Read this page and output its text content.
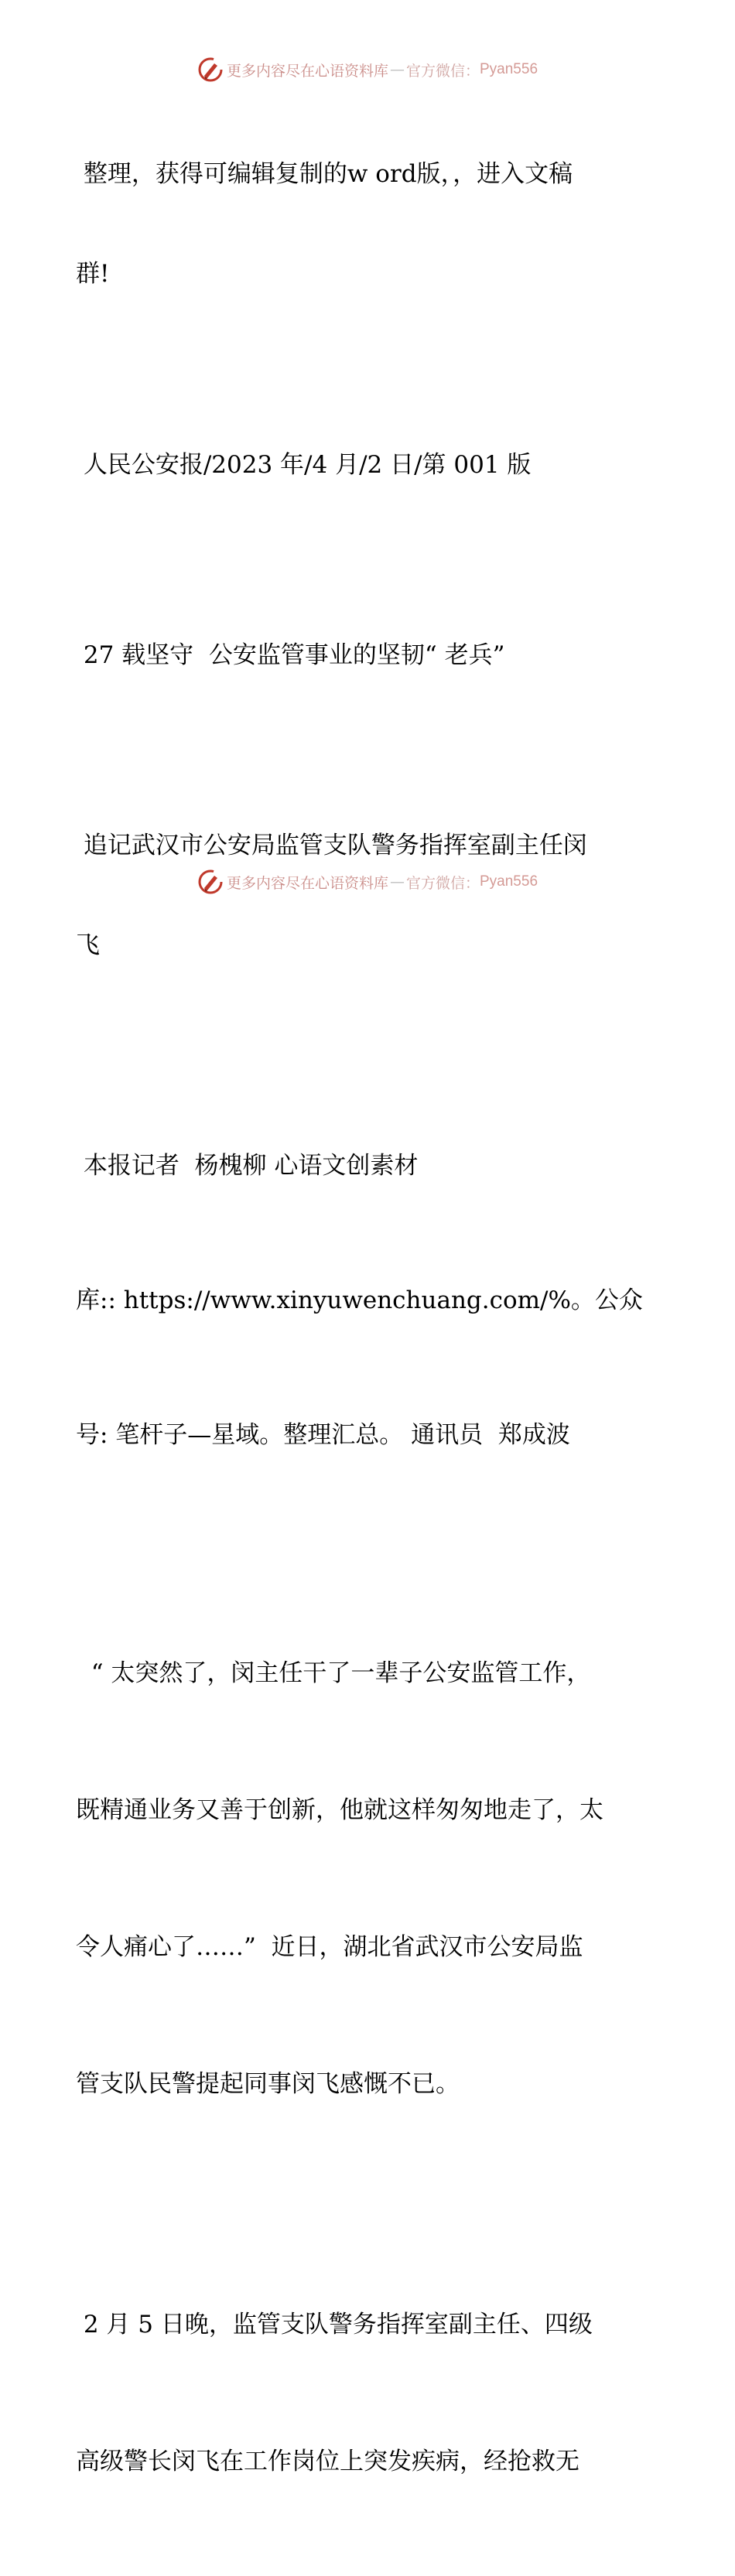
更多内容尽在心语资料库 — 官方微信： Pyan556

整理，获得可编辑复制的w ord版，，进入文稿

群!

人民公安报/2023 年/4 月/2 日/第 001 版

27 载坚守  公安监管事业的坚韧“ 老兵”

追记武汉市公安局监管支队警务指挥室副主任闵

飞

本报记者  杨槐柳 心语文创素材

库:: https://www.xinyuwenchuang.com/%。公众

号: 笔杆子—星域。整理汇总。 通讯员  郑成波

“ 太突然了，闵主任干了一辈子公安监管工作，

既精通业务又善于创新，他就这样匆匆地走了，太

令人痛心了……”  近日，湖北省武汉市公安局监

管支队民警提起同事闵飞感慨不已。

2 月 5 日晚，监管支队警务指挥室副主任、四级

高级警长闵飞在工作岗位上突发疾病，经抢救无

更多内容尽在心语资料库 — 官方微信： Pyan556
